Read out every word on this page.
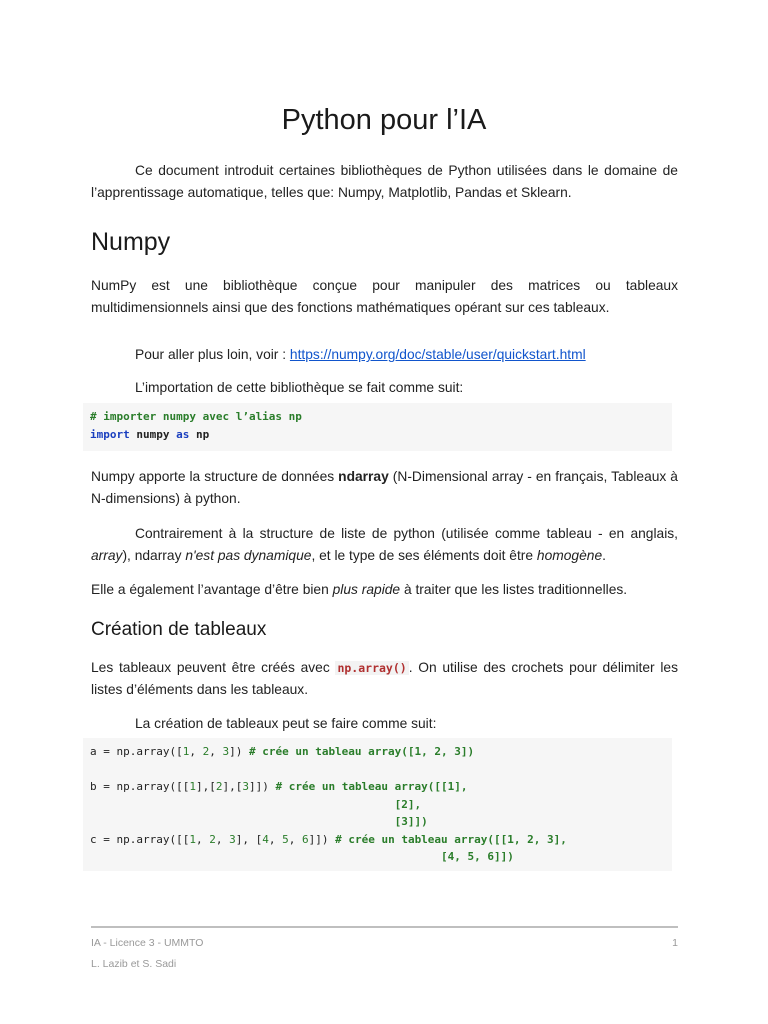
Python pour l’IA

Ce document introduit certaines bibliothèques de Python utilisées dans le domaine de l’apprentissage automatique, telles que: Numpy, Matplotlib, Pandas et Sklearn.

Numpy

NumPy est une bibliothèque conçue pour manipuler des matrices ou tableaux multidimensionnels ainsi que des fonctions mathématiques opérant sur ces tableaux.

Pour aller plus loin, voir : https://numpy.org/doc/stable/user/quickstart.html

L’importation de cette bibliothèque se fait comme suit:

# importer numpy avec l’alias np
import numpy as np

Numpy apporte la structure de données ndarray (N-Dimensional array - en français, Tableaux à N-dimensions) à python.

Contrairement à la structure de liste de python (utilisée comme tableau - en anglais, array), ndarray n'est pas dynamique, et le type de ses éléments doit être homogène.

Elle a également l’avantage d’être bien plus rapide à traiter que les listes traditionnelles.

Création de tableaux

Les tableaux peuvent être créés avec np.array() . On utilise des crochets pour délimiter les listes d’éléments dans les tableaux.

La création de tableaux peut se faire comme suit:

a = np.array([1, 2, 3]) # crée un tableau array([1, 2, 3])

b = np.array([[1],[2],[3]]) # crée un tableau array([[1],
[2],
[3]])
c = np.array([[1, 2, 3], [4, 5, 6]]) # crée un tableau array([[1, 2, 3],
[4, 5, 6]])

IA - Licence 3 - UMMTO	1

L. Lazib et S. Sadi
